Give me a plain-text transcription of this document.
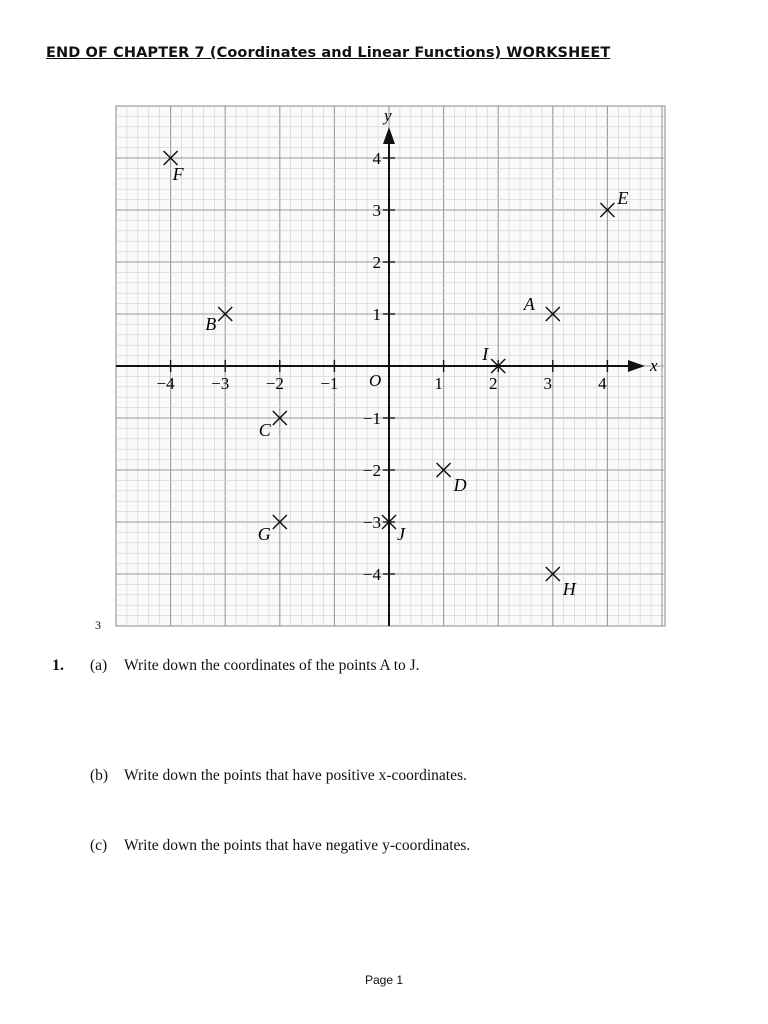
END OF CHAPTER 7 (Coordinates and Linear Functions) WORKSHEET
x
y
O
−4 −3 −2 −1	1	2	3	4
4
3
2
1
−1
−2
−3
−4
A
B
C
D
E
F
G
H
I
J
3
1. (a) Write down the coordinates of the points A to J.
(b) Write down the points that have positive x-coordinates.
(c) Write down the points that have negative y-coordinates.
Page 1
